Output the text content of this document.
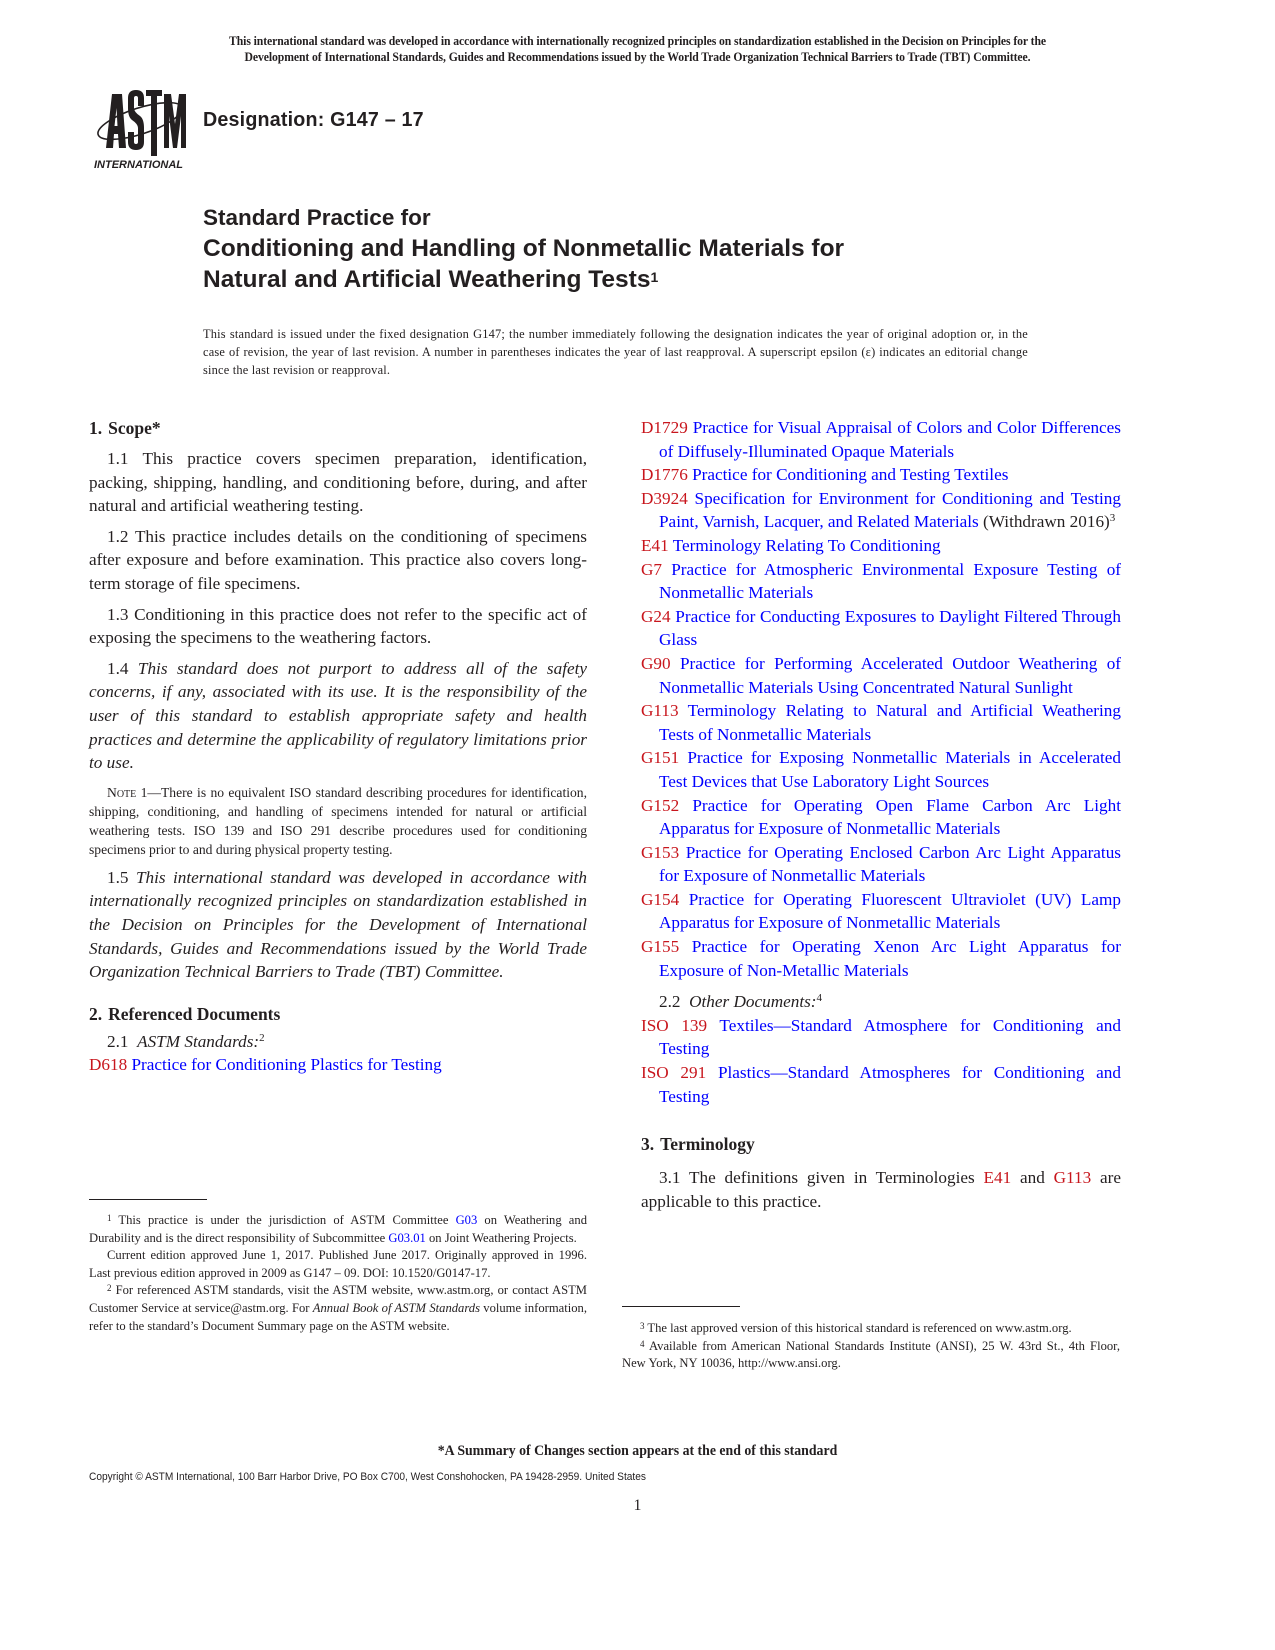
This international standard was developed in accordance with internationally recognized principles on standardization established in the Decision on Principles for the
Development of International Standards, Guides and Recommendations issued by the World Trade Organization Technical Barriers to Trade (TBT) Committee.
INTERNATIONAL
Designation: G147 – 17
Standard Practice for
Conditioning and Handling of Nonmetallic Materials for
Natural and Artificial Weathering Tests$^1$
This standard is issued under the fixed designation G147; the number immediately following the designation indicates the year of original adoption or, in the case of revision, the year of last revision. A number in parentheses indicates the year of last reapproval. A superscript epsilon (ε) indicates an editorial change since the last revision or reapproval.
1. Scope*

1.1 This practice covers specimen preparation, identification, packing, shipping, handling, and conditioning before, during, and after natural and artificial weathering testing.

1.2 This practice includes details on the conditioning of specimens after exposure and before examination. This practice also covers long-term storage of file specimens.

1.3 Conditioning in this practice does not refer to the specific act of exposing the specimens to the weathering factors.

1.4 This standard does not purport to address all of the safety concerns, if any, associated with its use. It is the responsibility of the user of this standard to establish appropriate safety and health practices and determine the applicability of regulatory limitations prior to use.

Note 1—There is no equivalent ISO standard describing procedures for identification, shipping, conditioning, and handling of specimens intended for natural or artificial weathering tests. ISO 139 and ISO 291 describe procedures used for conditioning specimens prior to and during physical property testing.

1.5 This international standard was developed in accordance with internationally recognized principles on standardization established in the Decision on Principles for the Development of International Standards, Guides and Recommendations issued by the World Trade Organization Technical Barriers to Trade (TBT) Committee.

2. Referenced Documents

2.1 ASTM Standards:$^2$

D618 Practice for Conditioning Plastics for Testing

$^1$ This practice is under the jurisdiction of ASTM Committee G03 on Weathering and Durability and is the direct responsibility of Subcommittee G03.01 on Joint Weathering Projects.

Current edition approved June 1, 2017. Published June 2017. Originally approved in 1996. Last previous edition approved in 2009 as G147 – 09. DOI: 10.1520/G0147-17.

$^2$ For referenced ASTM standards, visit the ASTM website, www.astm.org, or contact ASTM Customer Service at service@astm.org. For Annual Book of ASTM Standards volume information, refer to the standard’s Document Summary page on the ASTM website.

D1729 Practice for Visual Appraisal of Colors and Color Differences of Diffusely-Illuminated Opaque Materials
D1776 Practice for Conditioning and Testing Textiles
D3924 Specification for Environment for Conditioning and Testing Paint, Varnish, Lacquer, and Related Materials (Withdrawn 2016)$^3$
E41 Terminology Relating To Conditioning
G7 Practice for Atmospheric Environmental Exposure Testing of Nonmetallic Materials
G24 Practice for Conducting Exposures to Daylight Filtered Through Glass
G90 Practice for Performing Accelerated Outdoor Weathering of Nonmetallic Materials Using Concentrated Natural Sunlight
G113 Terminology Relating to Natural and Artificial Weathering Tests of Nonmetallic Materials
G151 Practice for Exposing Nonmetallic Materials in Accelerated Test Devices that Use Laboratory Light Sources
G152 Practice for Operating Open Flame Carbon Arc Light Apparatus for Exposure of Nonmetallic Materials
G153 Practice for Operating Enclosed Carbon Arc Light Apparatus for Exposure of Nonmetallic Materials
G154 Practice for Operating Fluorescent Ultraviolet (UV) Lamp Apparatus for Exposure of Nonmetallic Materials
G155 Practice for Operating Xenon Arc Light Apparatus for Exposure of Non-Metallic Materials

2.2 Other Documents:$^4$

ISO 139 Textiles—Standard Atmosphere for Conditioning and Testing
ISO 291 Plastics—Standard Atmospheres for Conditioning and Testing
3. Terminology

3.1 The definitions given in Terminologies E41 and G113 are applicable to this practice.

$^3$ The last approved version of this historical standard is referenced on www.astm.org.

$^4$ Available from American National Standards Institute (ANSI), 25 W. 43rd St., 4th Floor, New York, NY 10036, http://www.ansi.org.

*A Summary of Changes section appears at the end of this standard
Copyright © ASTM International, 100 Barr Harbor Drive, PO Box C700, West Conshohocken, PA 19428-2959. United States
1
